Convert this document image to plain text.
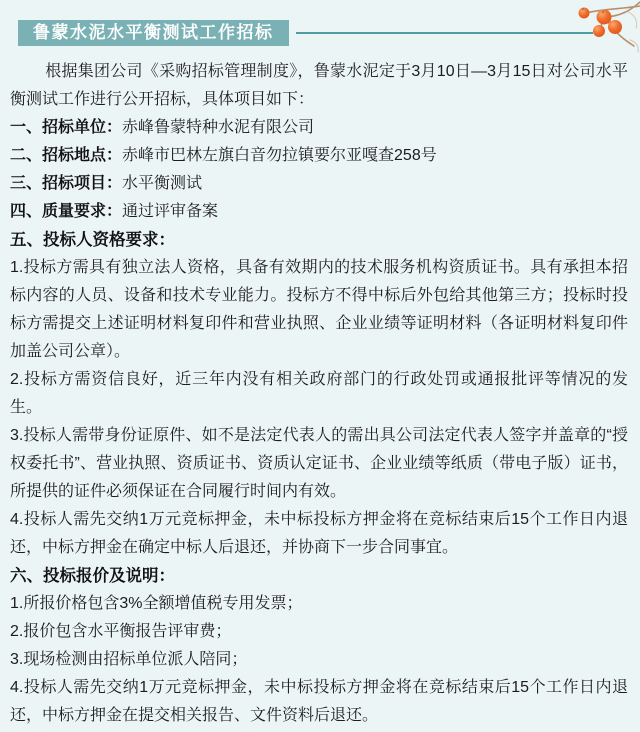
鲁蒙水泥水平衡测试工作招标

根据集团公司《采购招标管理制度》，鲁蒙水泥定于3月10日—3月15日对公司水平衡测试工作进行公开招标，具体项目如下：

一、招标单位：赤峰鲁蒙特种水泥有限公司

二、招标地点：赤峰市巴林左旗白音勿拉镇要尔亚嘎查258号

三、招标项目：水平衡测试

四、质量要求：通过评审备案

五、投标人资格要求：

1.投标方需具有独立法人资格，具备有效期内的技术服务机构资质证书。具有承担本招标内容的人员、设备和技术专业能力。投标方不得中标后外包给其他第三方；投标时投标方需提交上述证明材料复印件和营业执照、企业业绩等证明材料（各证明材料复印件加盖公司公章）。

2.投标方需资信良好，近三年内没有相关政府部门的行政处罚或通报批评等情况的发生。

3.投标人需带身份证原件、如不是法定代表人的需出具公司法定代表人签字并盖章的“授权委托书”、营业执照、资质证书、资质认定证书、企业业绩等纸质（带电子版）证书，所提供的证件必须保证在合同履行时间内有效。

4.投标人需先交纳1万元竞标押金，未中标投标方押金将在竞标结束后15个工作日内退还，中标方押金在确定中标人后退还，并协商下一步合同事宜。

六、投标报价及说明：

1.所报价格包含3%全额增值税专用发票；

2.报价包含水平衡报告评审费；

3.现场检测由招标单位派人陪同；

4.投标人需先交纳1万元竞标押金，未中标投标方押金将在竞标结束后15个工作日内退还，中标方押金在提交相关报告、文件资料后退还。
